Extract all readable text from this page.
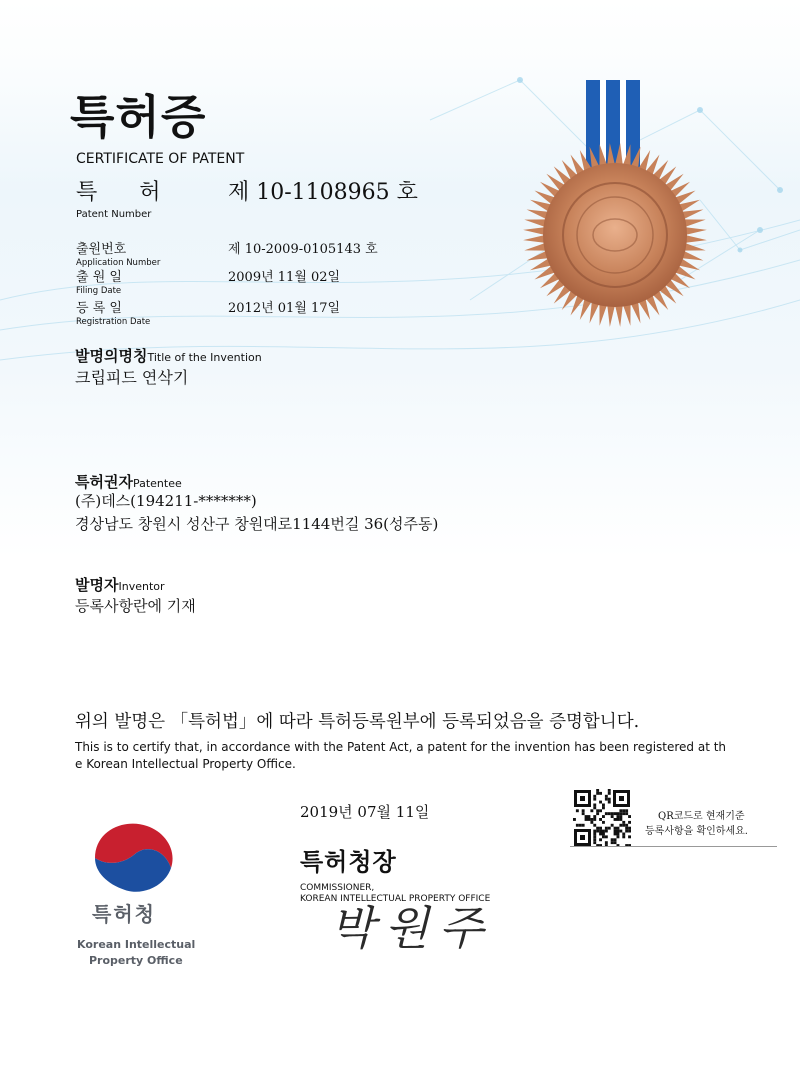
특허증

CERTIFICATE OF PATENT

특      허

Patent Number

제 10-1108965 호

출원번호

Application Number

제 10-2009-0105143 호

출 원 일

Filing Date

2009년 11월 02일

등 록 일

Registration Date

2012년 01월 17일

발명의명칭Title of the Invention

크립피드 연삭기

특허권자Patentee

(주)데스(194211-*******)

경상남도 창원시 성산구 창원대로1144번길 36(성주동)

발명자Inventor

등록사항란에 기재

위의 발명은 「특허법」에 따라 특허등록원부에 등록되었음을 증명합니다.

This is to certify that, in accordance with the Patent Act, a patent for the invention has been registered at th

e Korean Intellectual Property Office.

2019년 07월 11일

특허청장

COMMISSIONER,

KOREAN INTELLECTUAL PROPERTY OFFICE

박원주

QR코드로 현재기준

등록사항을 확인하세요.

특허청

Korean Intellectual

Property Office
